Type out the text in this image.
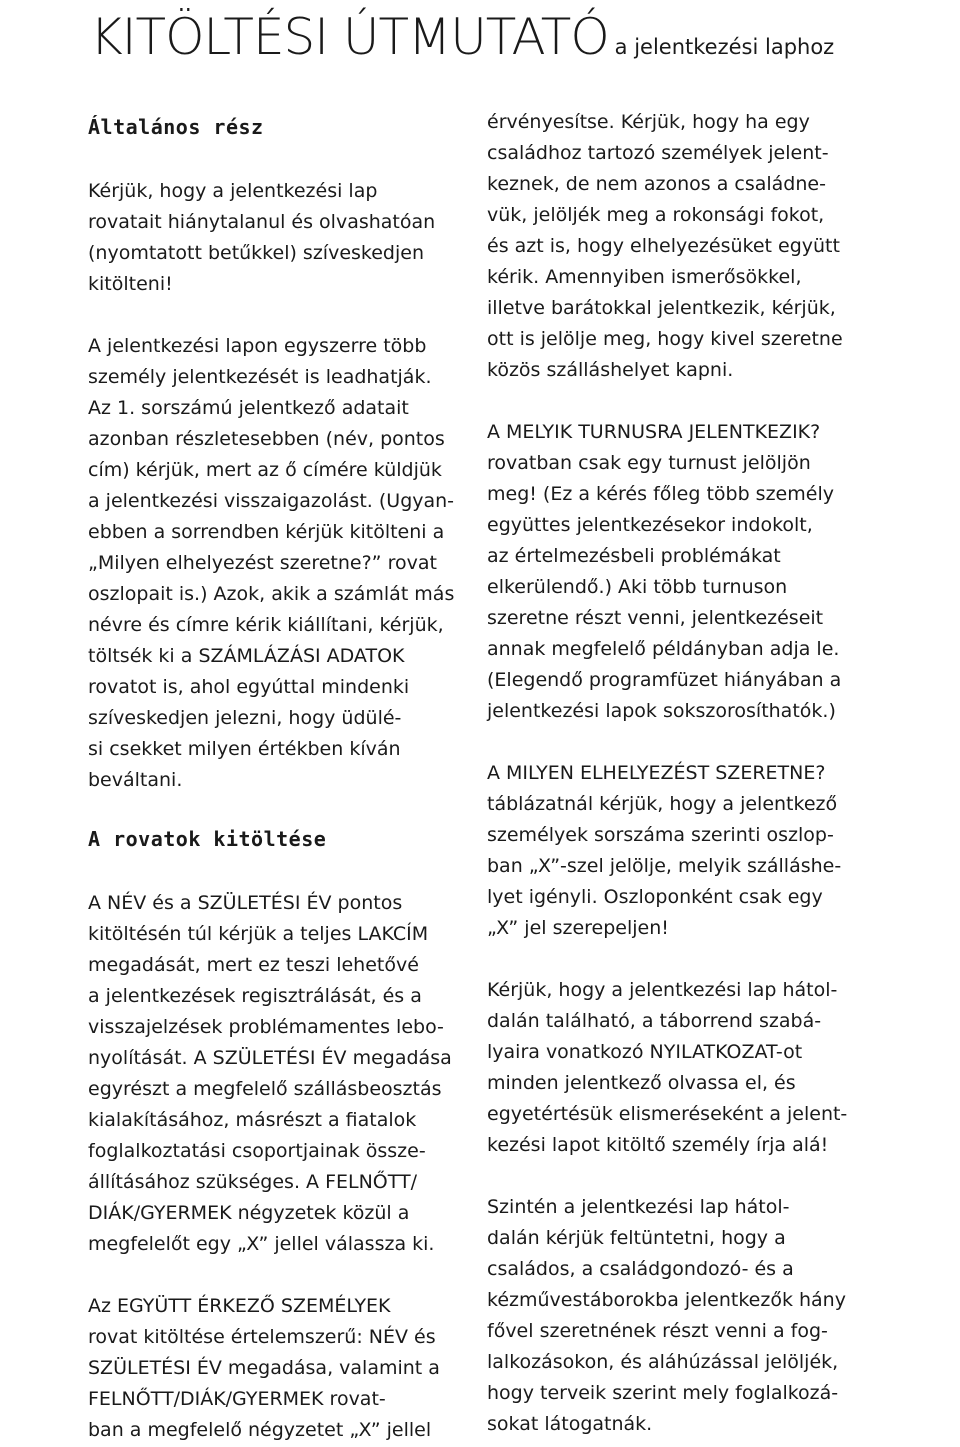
KITÖLTÉSI ÚTMUTATÓ a jelentkezési laphoz
Általános rész

Kérjük, hogy a jelentkezési lap
rovatait hiánytalanul és olvashatóan
(nyomtatott betűkkel) szíveskedjen
kitölteni!

A jelentkezési lapon egyszerre több
személy jelentkezését is leadhatják.
Az 1. sorszámú jelentkező adatait
azonban részletesebben (név, pontos
cím) kérjük, mert az ő címére küldjük
a jelentkezési visszaigazolást. (Ugyan-
ebben a sorrendben kérjük kitölteni a
„Milyen elhelyezést szeretne?” rovat
oszlopait is.) Azok, akik a számlát más
névre és címre kérik kiállítani, kérjük,
töltsék ki a SZÁMLÁZÁSI ADATOK
rovatot is, ahol egyúttal mindenki
szíveskedjen jelezni, hogy üdülé-
si csekket milyen értékben kíván
beváltani.

A rovatok kitöltése

A NÉV és a SZÜLETÉSI ÉV pontos
kitöltésén túl kérjük a teljes LAKCÍM
megadását, mert ez teszi lehetővé
a jelentkezések regisztrálását, és a
visszajelzések problémamentes lebo-
nyolítását. A SZÜLETÉSI ÉV megadása
egyrészt a megfelelő szállásbeosztás
kialakításához, másrészt a fiatalok
foglalkoztatási csoportjainak össze-
állításához szükséges. A FELNŐTT/
DIÁK/GYERMEK négyzetek közül a
megfelelőt egy „X” jellel válassza ki.

Az EGYÜTT ÉRKEZŐ SZEMÉLYEK
rovat kitöltése értelemszerű: NÉV és
SZÜLETÉSI ÉV megadása, valamint a
FELNŐTT/DIÁK/GYERMEK rovat-
ban a megfelelő négyzetet „X” jellel

érvényesítse. Kérjük, hogy ha egy
családhoz tartozó személyek jelent-
keznek, de nem azonos a családne-
vük, jelöljék meg a rokonsági fokot,
és azt is, hogy elhelyezésüket együtt
kérik. Amennyiben ismerősökkel,
illetve barátokkal jelentkezik, kérjük,
ott is jelölje meg, hogy kivel szeretne
közös szálláshelyet kapni.

A MELYIK TURNUSRA JELENTKEZIK?
rovatban csak egy turnust jelöljön
meg! (Ez a kérés főleg több személy
együttes jelentkezésekor indokolt,
az értelmezésbeli problémákat
elkerülendő.) Aki több turnuson
szeretne részt venni, jelentkezéseit
annak megfelelő példányban adja le.
(Elegendő programfüzet hiányában a
jelentkezési lapok sokszorosíthatók.)

A MILYEN ELHELYEZÉST SZERETNE?
táblázatnál kérjük, hogy a jelentkező
személyek sorszáma szerinti oszlop-
ban „X”-szel jelölje, melyik szálláshe-
lyet igényli. Oszloponként csak egy
„X” jel szerepeljen!

Kérjük, hogy a jelentkezési lap hátol-
dalán található, a táborrend szabá-
lyaira vonatkozó NYILATKOZAT-ot
minden jelentkező olvassa el, és
egyetértésük elismeréseként a jelent-
kezési lapot kitöltő személy írja alá!

Szintén a jelentkezési lap hátol-
dalán kérjük feltüntetni, hogy a
családos, a családgondozó- és a
kézművestáborokba jelentkezők hány
fővel szeretnének részt venni a fog-
lalkozásokon, és aláhúzással jelöljék,
hogy terveik szerint mely foglalkozá-
sokat látogatnák.
